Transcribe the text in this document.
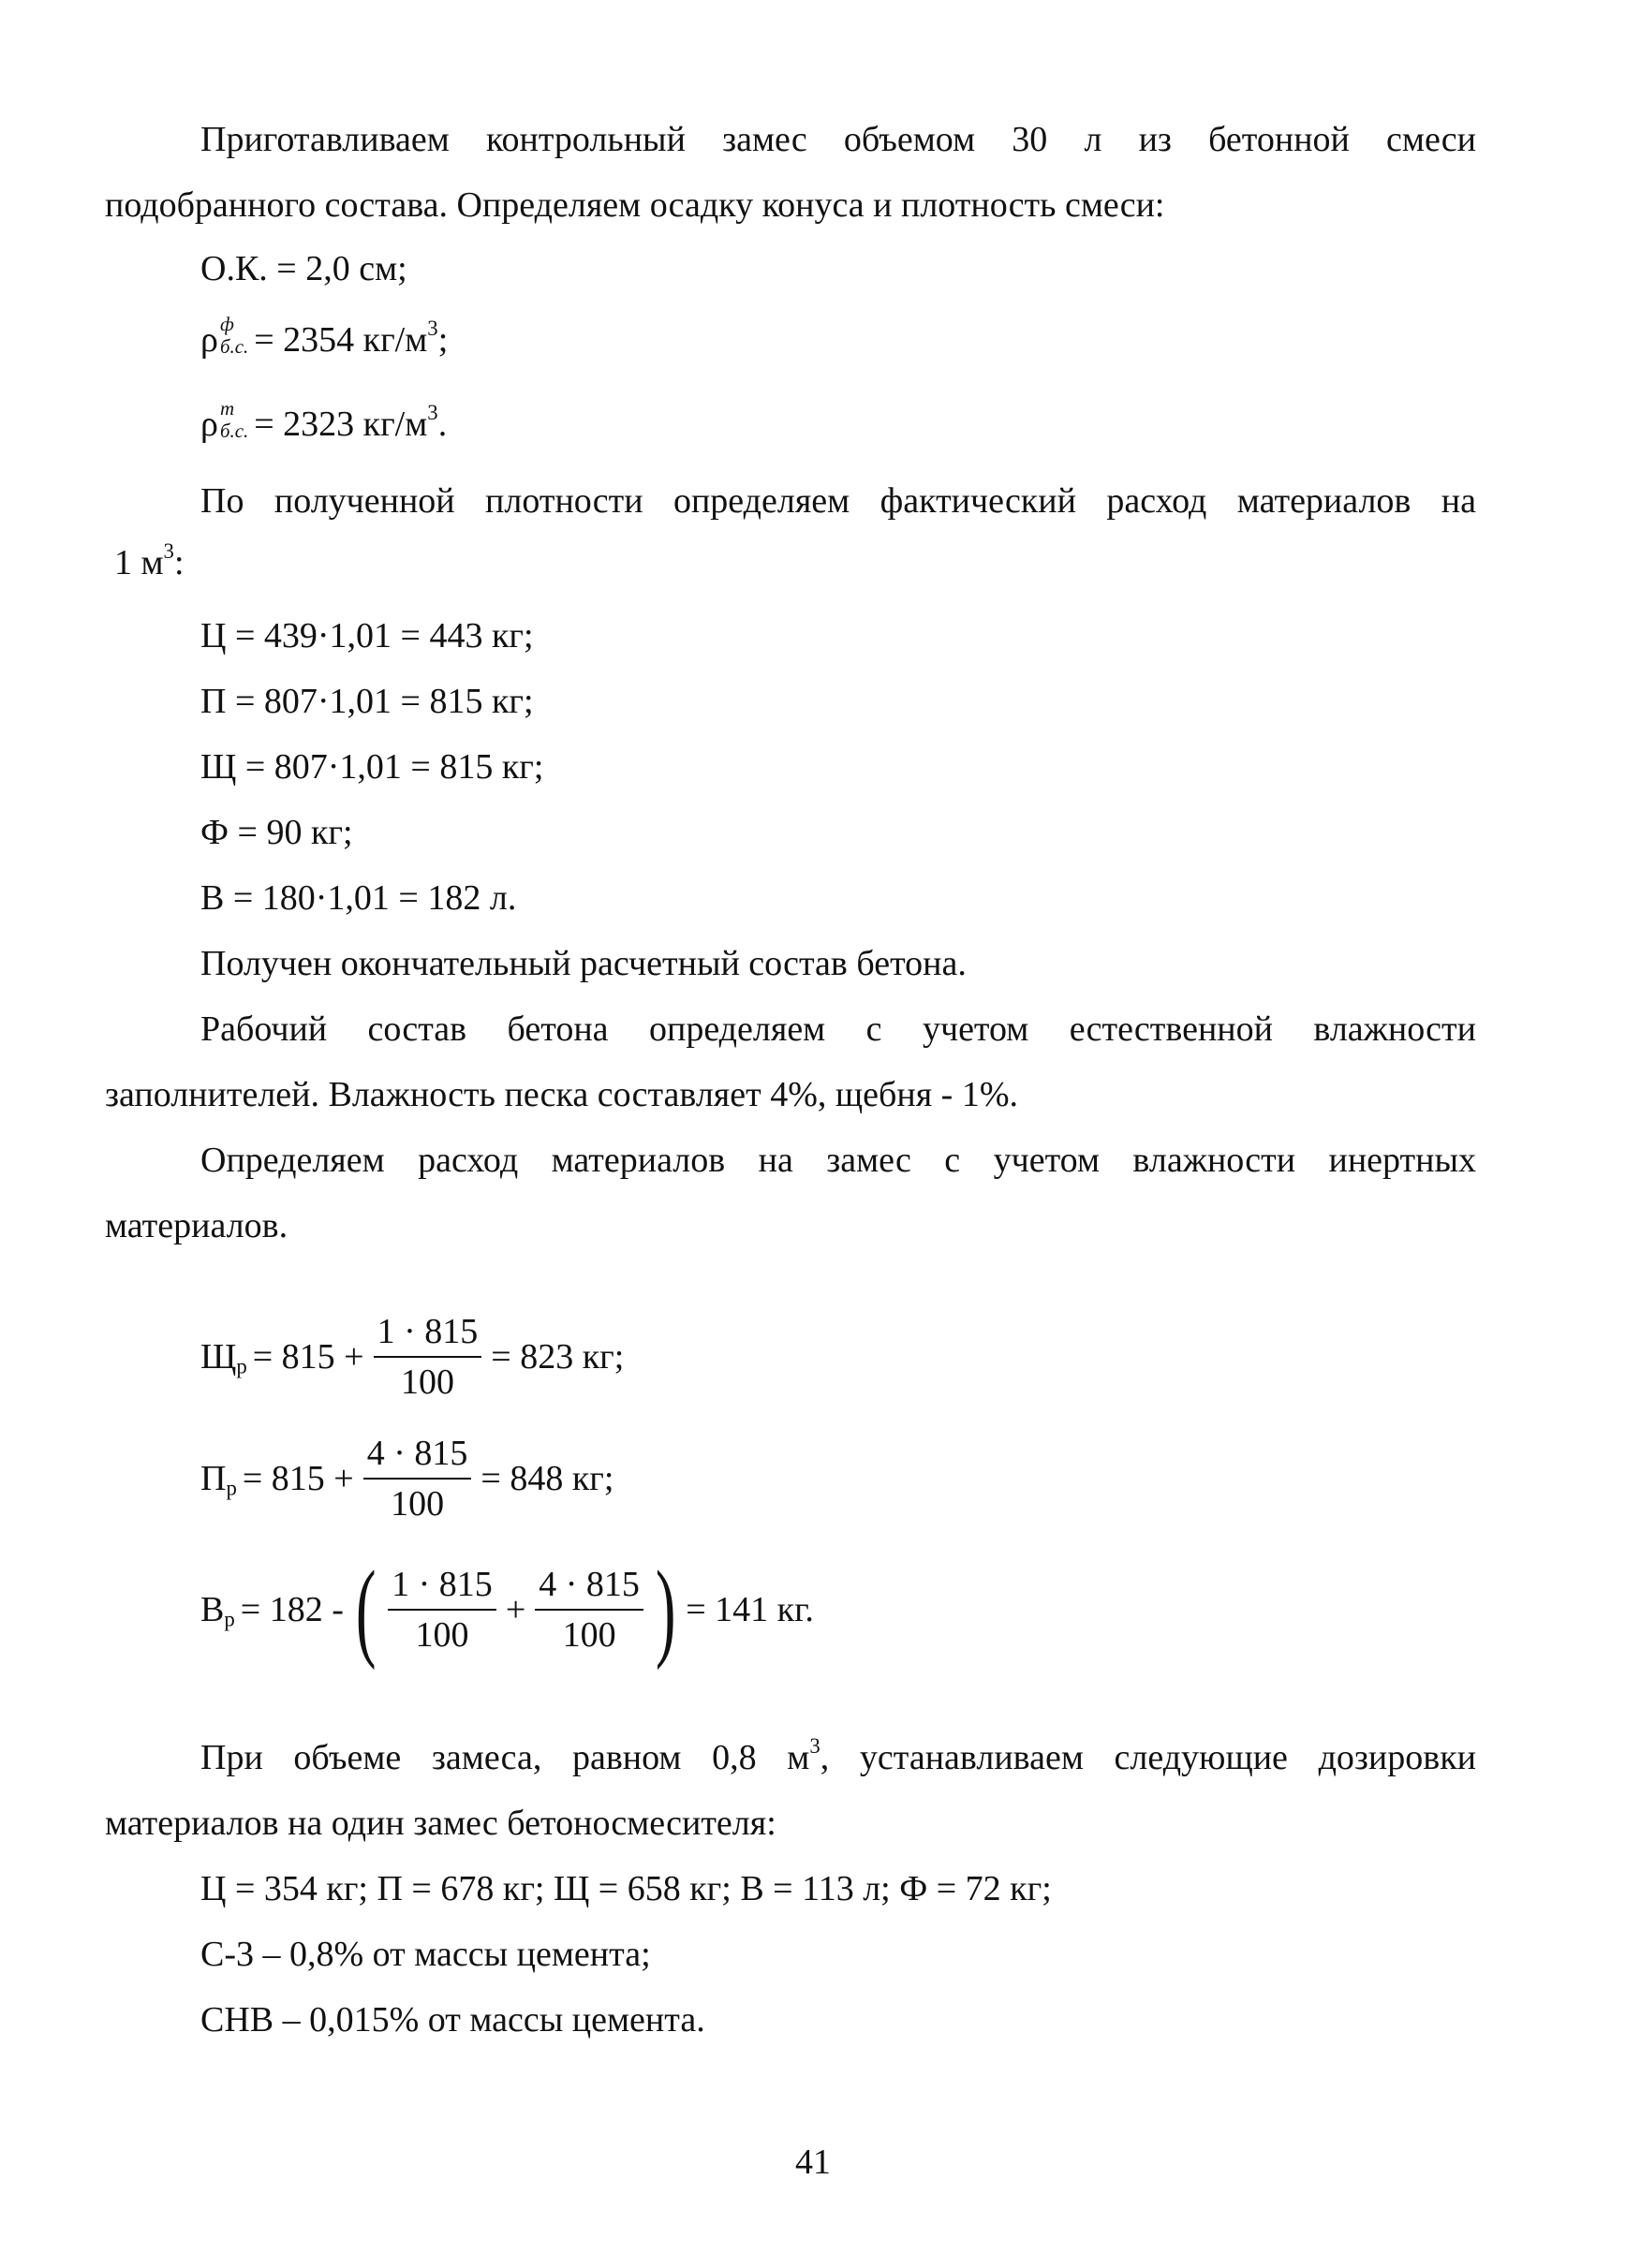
Приготавливаем контрольный замес объемом 30 л из бетонной смеси
подобранного состава. Определяем осадку конуса и плотность смеси:
О.К. = 2,0 см;
ρ ф
б.с. = 2354 $кг/м^3$;
ρ т
б.с. = 2323 $кг/м^3$.
По полученной плотности определяем фактический расход материалов на
1 $м^3$:
Ц = 439·1,01 = 443 кг;
П = 807·1,01 = 815 кг;
Щ = 807·1,01 = 815 кг;
Ф = 90 кг;
В = 180·1,01 = 182 л.
Получен окончательный расчетный состав бетона.
Рабочий состав бетона определяем с учетом естественной влажности
заполнителей. Влажность песка составляет 4%, щебня - 1%.
Определяем расход материалов на замес с учетом влажности инертных
материалов.
$Щ_р = 815 + \frac{1 \cdot 815}{100} = 823$ кг;
$П_р = 815 + \frac{4 \cdot 815}{100} = 848$ кг;
$В_р = 182$ - ( $\frac{1 \cdot 815}{100} + \frac{4 \cdot 815}{100}$ ) = 141 кг.
При объеме замеса, равном 0,8 $м^3$, устанавливаем следующие дозировки
материалов на один замес бетоносмесителя:
Ц = 354 кг; П = 678 кг; Щ = 658 кг; В = 113 л; Ф = 72 кг;
С-3 – 0,8% от массы цемента;
СНВ – 0,015% от массы цемента.
41
